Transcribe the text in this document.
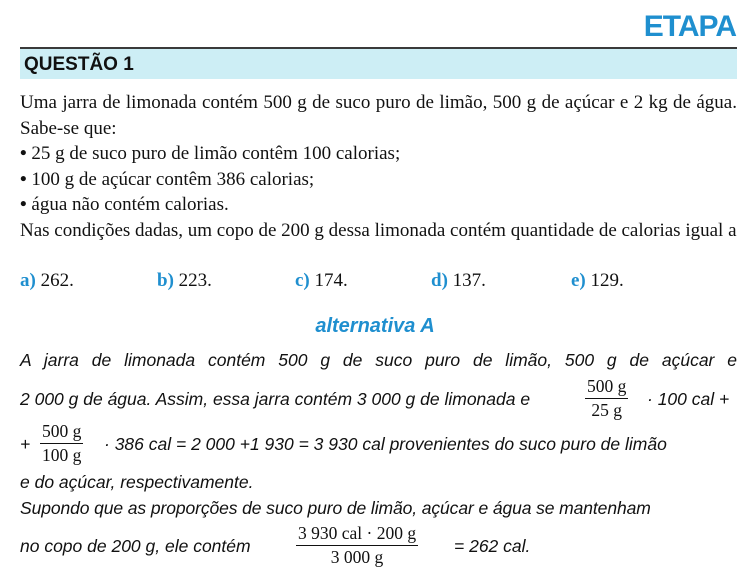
ETAPA
QUESTÃO 1

Uma jarra de limonada contém 500 g de suco puro de limão, 500 g de açúcar e 2 kg de água. Sabe-se que:

• 25 g de suco puro de limão contêm 100 calorias;

• 100 g de açúcar contêm 386 calorias;

• água não contém calorias.

Nas condições dadas, um copo de 200 g dessa limonada contém quantidade de calorias igual a

a) 262.	b) 223.	c) 174.	d) 137.	e) 129.
alternativa A
A jarra de limonada contém 500 g de suco puro de limão, 500 g de açúcar e
2 000 g de água. Assim, essa jarra contém 3 000 g de limonada e	$\frac{500 g}{25 g} \cdot 100$ cal +
+ $\frac{500 g}{100 g} \cdot 386$ cal = 2 000 +1 930 = 3 930 cal provenientes do suco puro de limão
e do açúcar, respectivamente.
Supondo que as proporções de suco puro de limão, açúcar e água se mantenham
no copo de 200 g, ele contém
3 930 cal · 200 g
3 000 g
= 262 cal.
